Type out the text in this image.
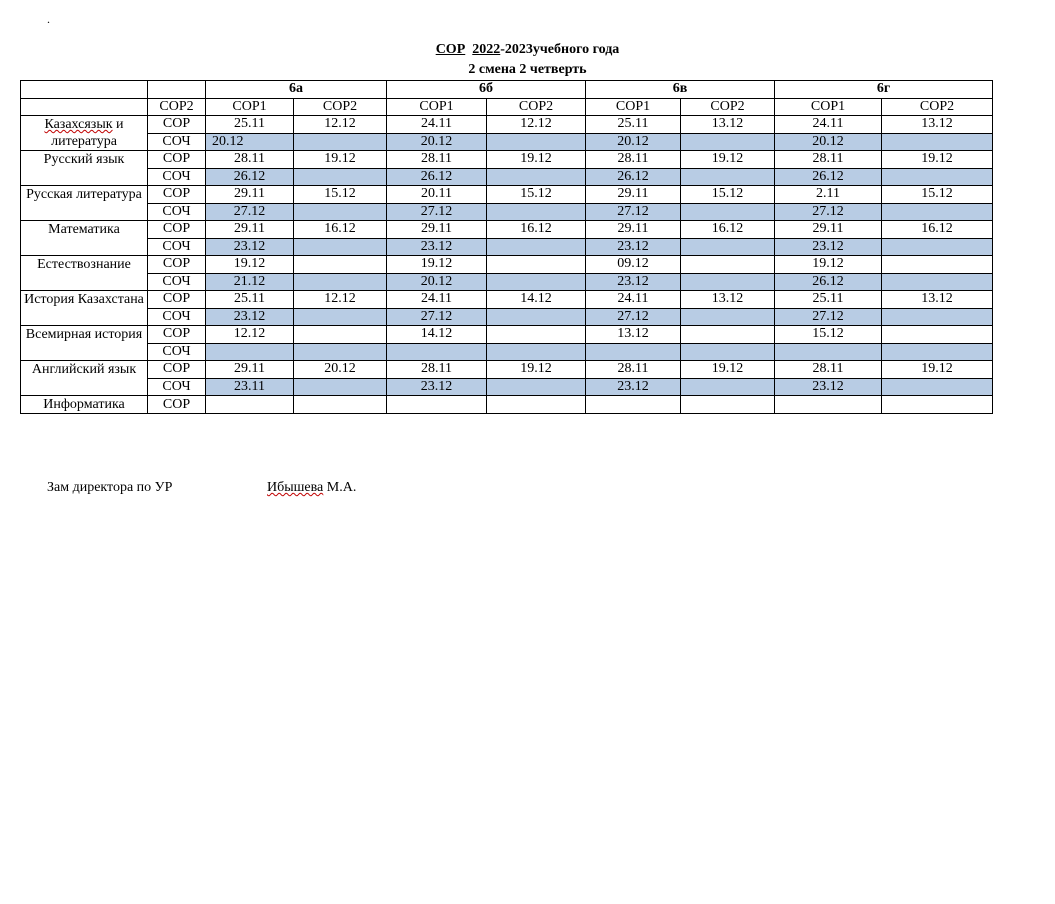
.
СОР 2022-2023учебного года
2 смена 2 четверть
		6а		6б		6в		6г	
	СОР2	СОР1	СОР2	СОР1	СОР2	СОР1	СОР2	СОР1	СОР2
Казахсязык и литература	СОР	25.11	12.12	24.11	12.12	25.11	13.12	24.11	13.12
	СОЧ	20.12		20.12		20.12		20.12	
Русский язык	СОР	28.11	19.12	28.11	19.12	28.11	19.12	28.11	19.12
	СОЧ	26.12		26.12		26.12		26.12	
Русская литература	СОР	29.11	15.12	20.11	15.12	29.11	15.12	2.11	15.12
	СОЧ	27.12		27.12		27.12		27.12	
Математика	СОР	29.11	16.12	29.11	16.12	29.11	16.12	29.11	16.12
	СОЧ	23.12		23.12		23.12		23.12	
Естествознание	СОР	19.12		19.12		09.12		19.12	
	СОЧ	21.12		20.12		23.12		26.12	
История Казахстана	СОР	25.11	12.12	24.11	14.12	24.11	13.12	25.11	13.12
	СОЧ	23.12		27.12		27.12		27.12	
Всемирная история	СОР	12.12		14.12		13.12		15.12	
	СОЧ								
Английский язык	СОР	29.11	20.12	28.11	19.12	28.11	19.12	28.11	19.12
	СОЧ	23.11		23.12		23.12		23.12	
Информатика	СОР								
Зам директора по УР	Ибышева М.А.
